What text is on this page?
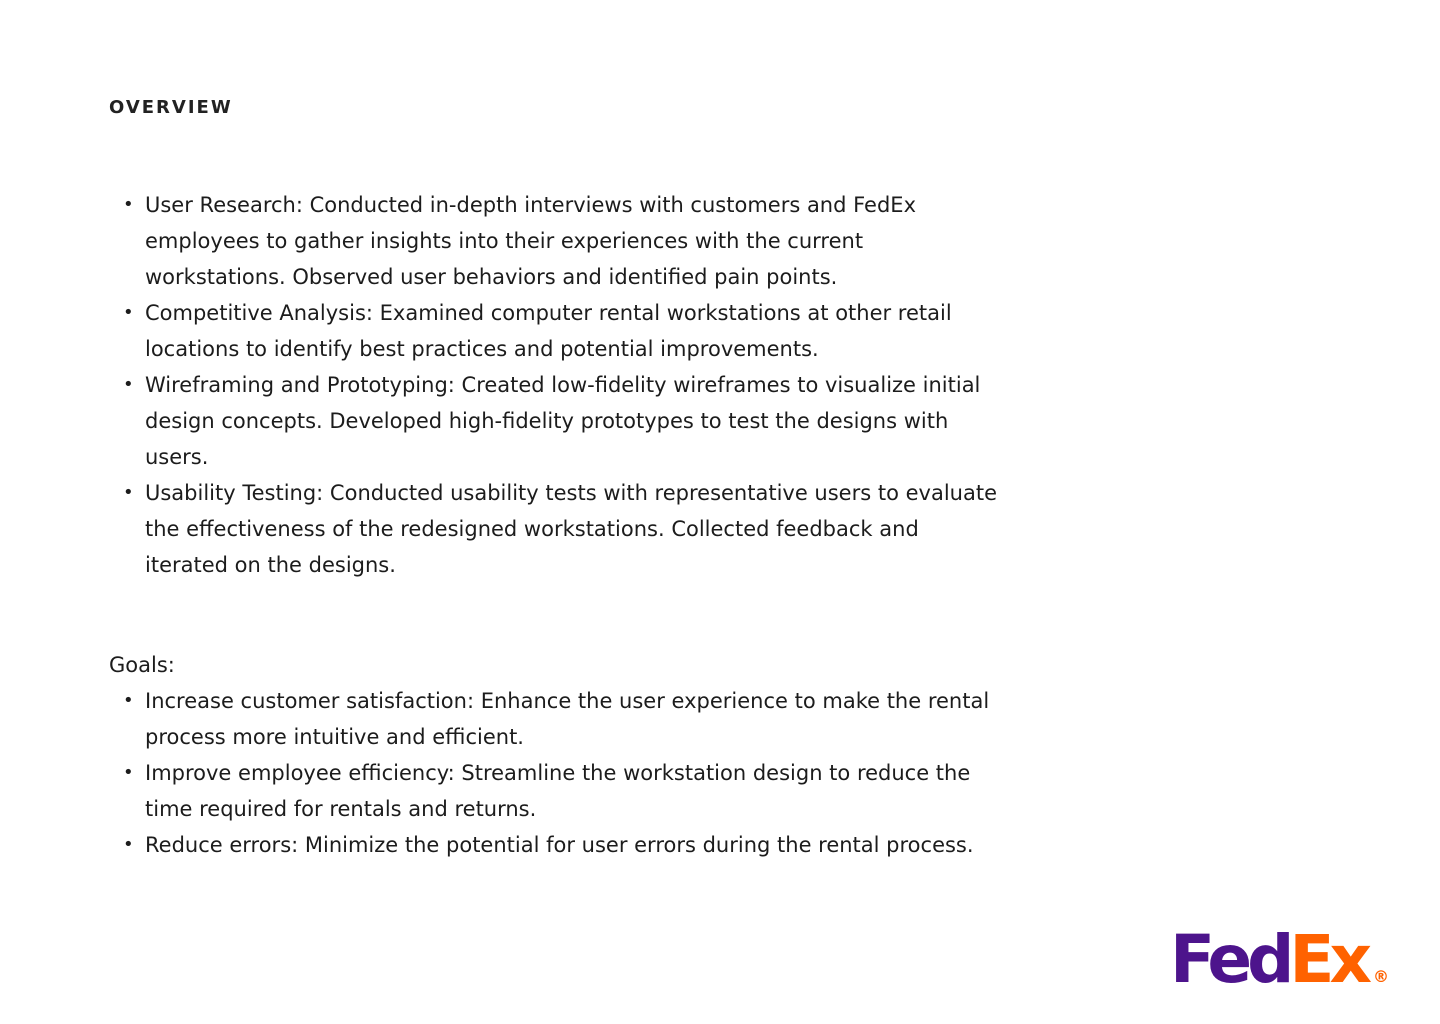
OVERVIEW
• User Research: Conducted in-depth interviews with customers and FedEx employees to gather insights into their experiences with the current workstations. Observed user behaviors and identified pain points.
• Competitive Analysis: Examined computer rental workstations at other retail locations to identify best practices and potential improvements.
• Wireframing and Prototyping: Created low-fidelity wireframes to visualize initial design concepts. Developed high-fidelity prototypes to test the designs with users.
• Usability Testing: Conducted usability tests with representative users to evaluate the effectiveness of the redesigned workstations. Collected feedback and iterated on the designs.

Goals:

• Increase customer satisfaction: Enhance the user experience to make the rental process more intuitive and efficient.
• Improve employee efficiency: Streamline the workstation design to reduce the time required for rentals and returns.
• Reduce errors: Minimize the potential for user errors during the rental process.
FedEx ®
